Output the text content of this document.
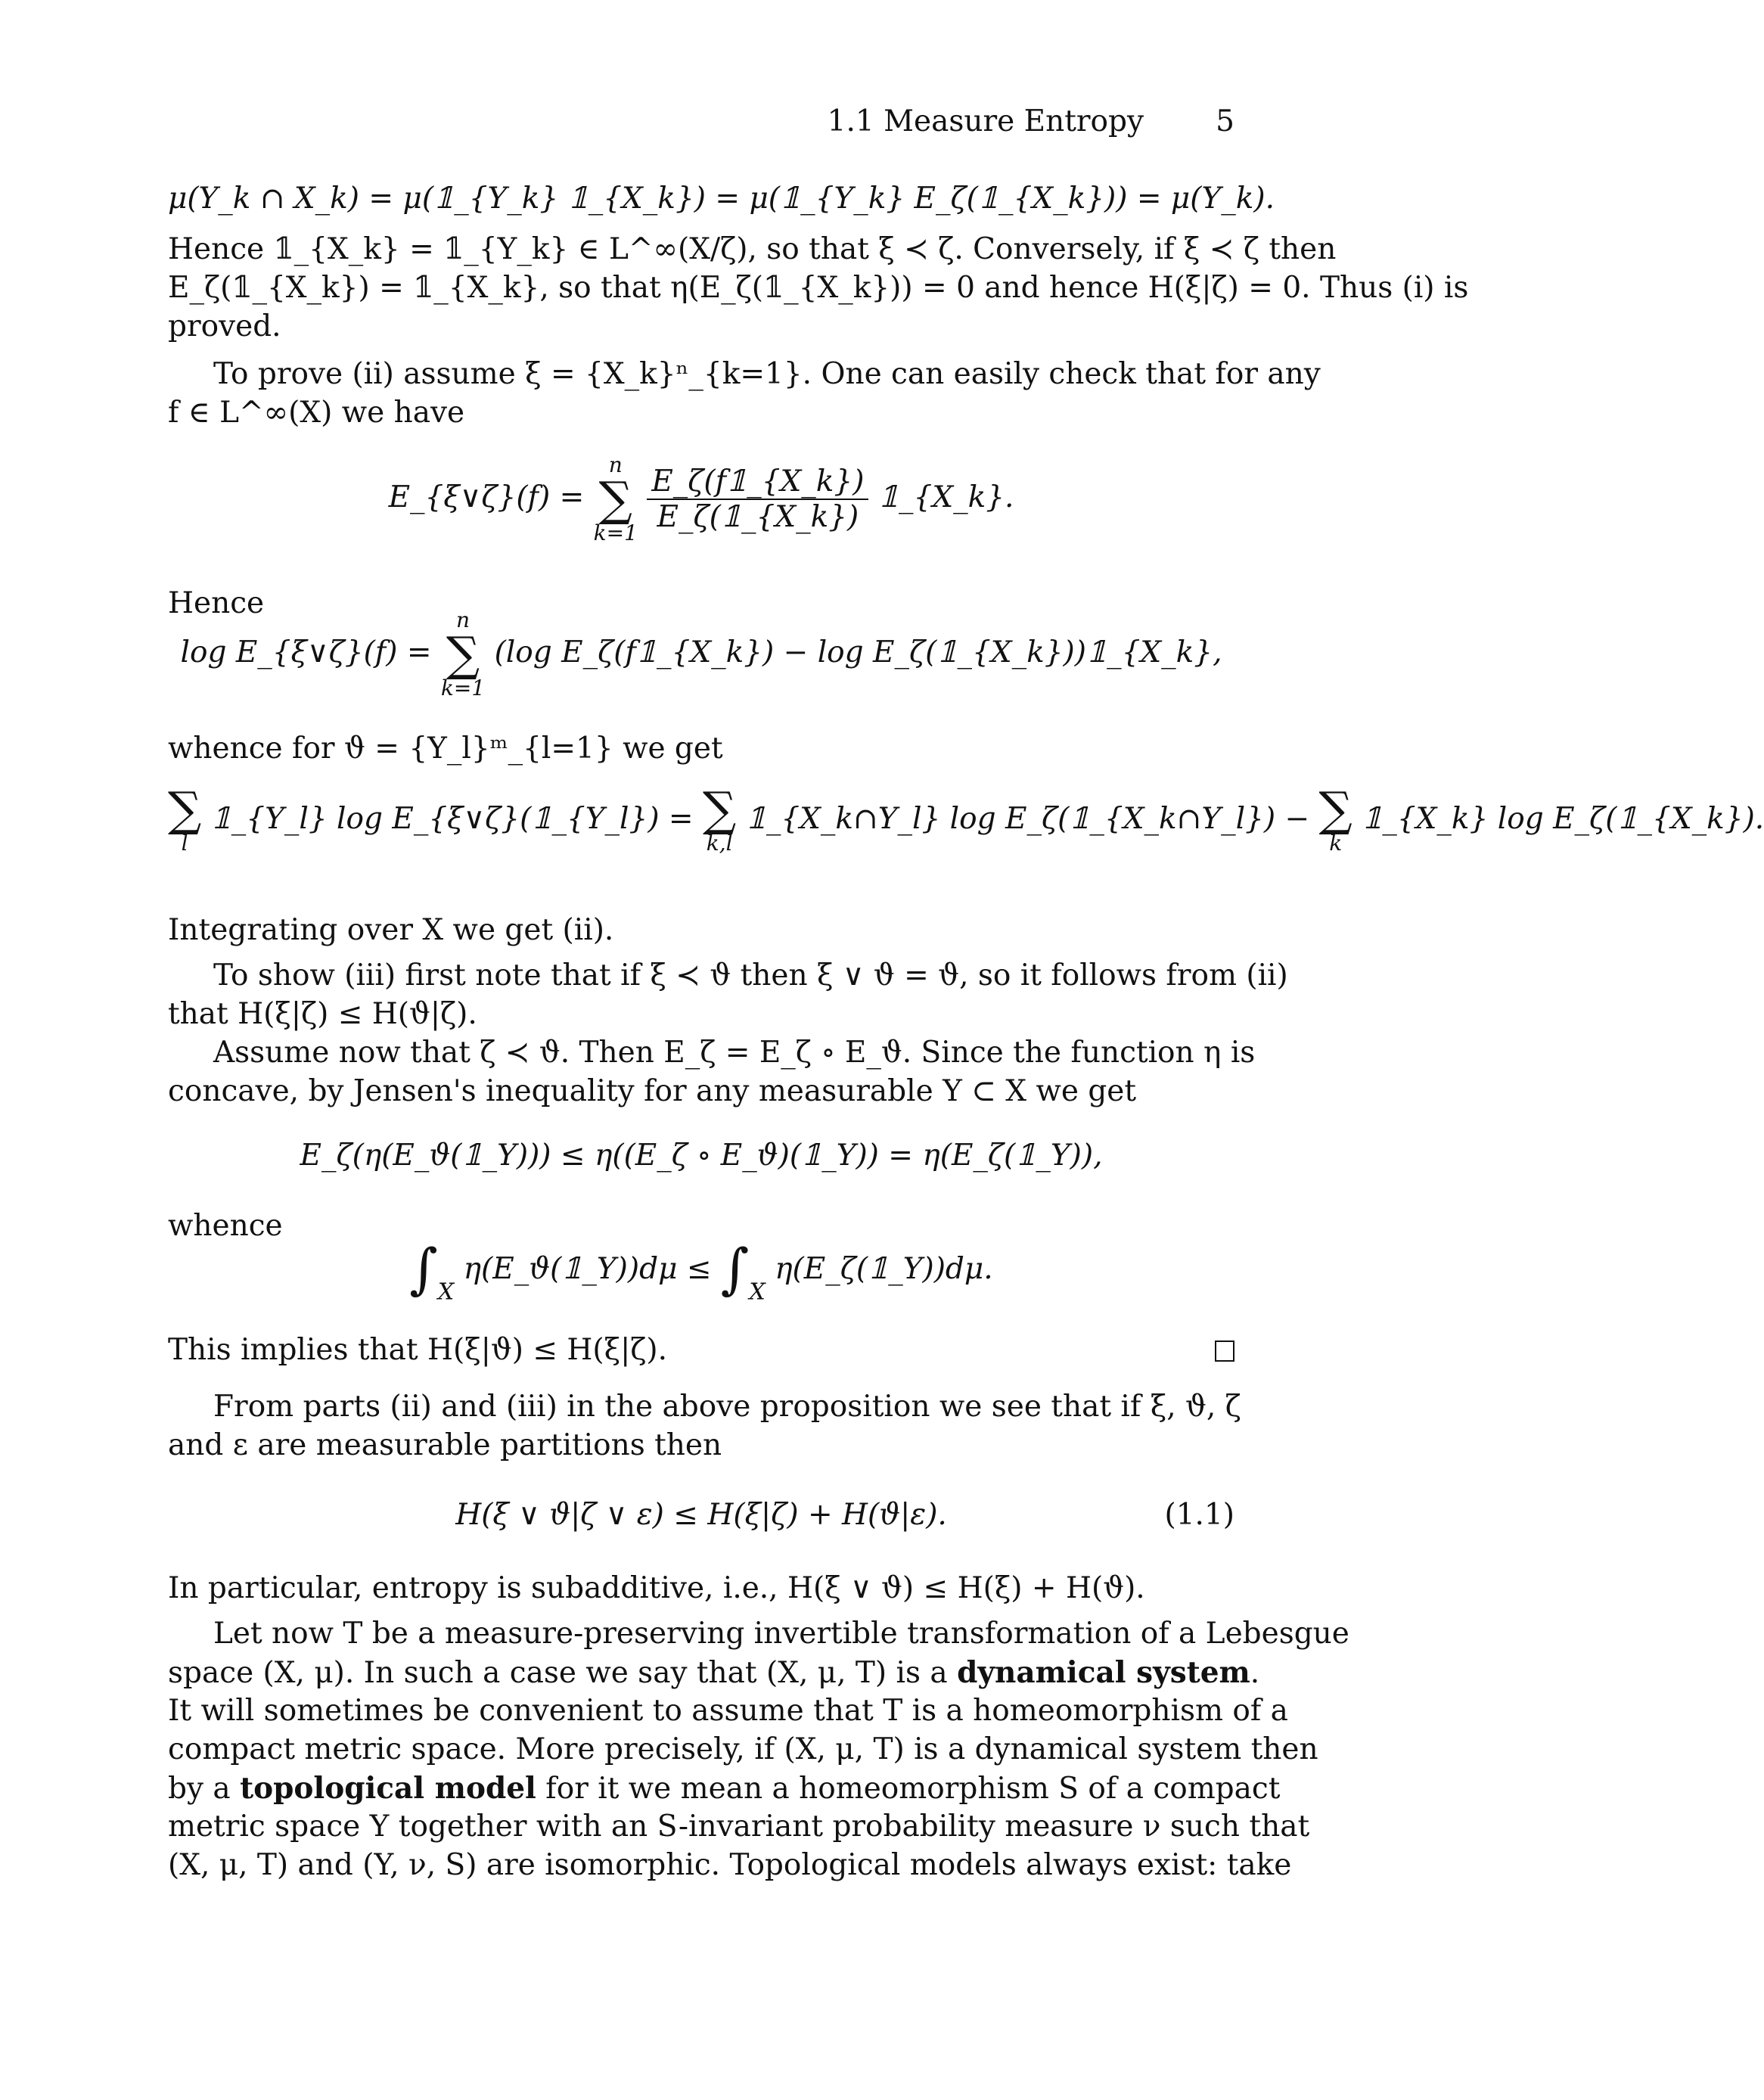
1.1 Measure Entropy 5
μ(Y_k ∩ X_k) = μ(𝟙_{Y_k} 𝟙_{X_k}) = μ(𝟙_{Y_k} E_ζ(𝟙_{X_k})) = μ(Y_k).
Hence 𝟙_{X_k} = 𝟙_{Y_k} ∈ L^∞(X/ζ), so that ξ ≺ ζ. Conversely, if ξ ≺ ζ then
E_ζ(𝟙_{X_k}) = 𝟙_{X_k}, so that η(E_ζ(𝟙_{X_k})) = 0 and hence H(ξ|ζ) = 0. Thus (i) is
proved.
To prove (ii) assume ξ = {X_k}ⁿ_{k=1}. One can easily check that for any
f ∈ L^∞(X) we have
E_{ξ∨ζ}(f) =
n
∑
k=1
$\frac{E\_\zeta(f𝟙\_\{X\_k\})}{E\_\zeta(𝟙\_\{X\_k\})}$ 𝟙_{X_k}.
Hence
log E_{ξ∨ζ}(f) =
n
∑
k=1
(log E_ζ(f𝟙_{X_k}) − log E_ζ(𝟙_{X_k}))𝟙_{X_k},
whence for ϑ = {Y_l}ᵐ_{l=1} we get
∑
l
𝟙_{Y_l} log E_{ξ∨ζ}(𝟙_{Y_l}) = ∑
k,l
𝟙_{X_k∩Y_l} log E_ζ(𝟙_{X_k∩Y_l}) − ∑
k
𝟙_{X_k} log E_ζ(𝟙_{X_k}).
Integrating over X we get (ii).
To show (iii) first note that if ξ ≺ ϑ then ξ ∨ ϑ = ϑ, so it follows from (ii)
that H(ξ|ζ) ≤ H(ϑ|ζ).
Assume now that ζ ≺ ϑ. Then E_ζ = E_ζ ∘ E_ϑ. Since the function η is
concave, by Jensen's inequality for any measurable Y ⊂ X we get
E_ζ(η(E_ϑ(𝟙_Y))) ≤ η((E_ζ ∘ E_ϑ)(𝟙_Y)) = η(E_ζ(𝟙_Y)),
whence
$\int_X$ η(E_ϑ(𝟙_Y))dμ ≤ $\int_X$ η(E_ζ(𝟙_Y))dμ.
This implies that H(ξ|ϑ) ≤ H(ξ|ζ).
From parts (ii) and (iii) in the above proposition we see that if ξ, ϑ, ζ
and ε are measurable partitions then
H(ξ ∨ ϑ|ζ ∨ ε) ≤ H(ξ|ζ) + H(ϑ|ε).	(1.1)
In particular, entropy is subadditive, i.e., H(ξ ∨ ϑ) ≤ H(ξ) + H(ϑ).
Let now T be a measure-preserving invertible transformation of a Lebesgue
space (X, μ). In such a case we say that (X, μ, T) is a dynamical system.
It will sometimes be convenient to assume that T is a homeomorphism of a
compact metric space. More precisely, if (X, μ, T) is a dynamical system then
by a topological model for it we mean a homeomorphism S of a compact
metric space Y together with an S-invariant probability measure ν such that
(X, μ, T) and (Y, ν, S) are isomorphic. Topological models always exist: take
